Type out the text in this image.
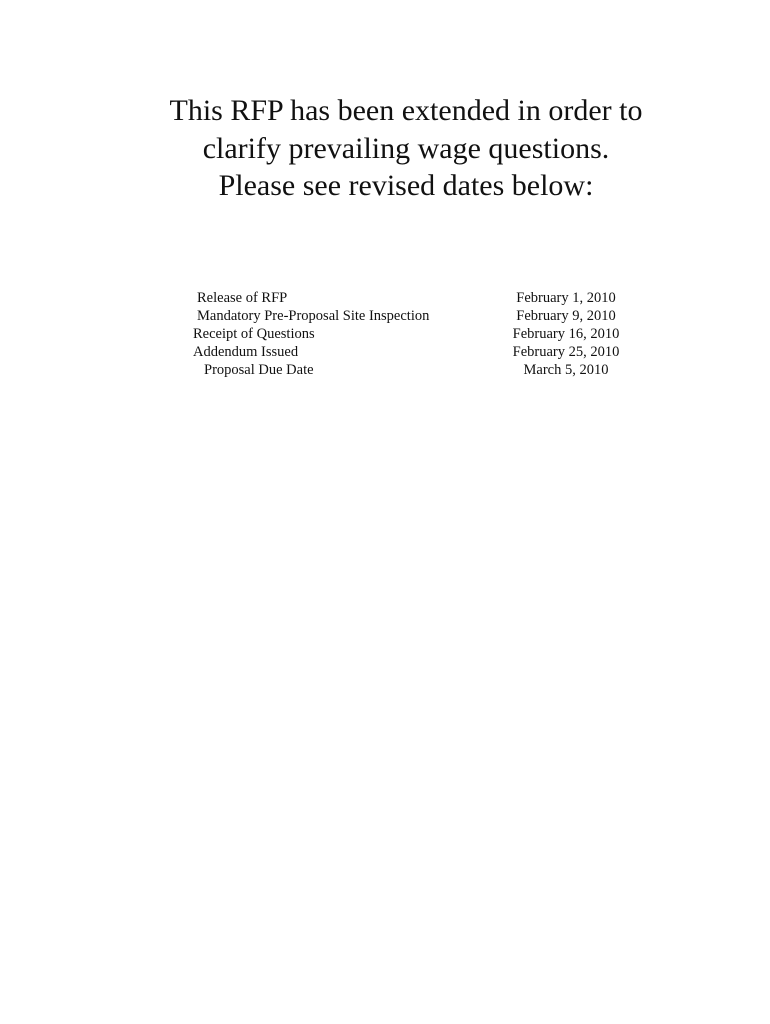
This RFP has been extended in order to
clarify prevailing wage questions.
Please see revised dates below:
Release of RFP	February 1, 2010
Mandatory Pre-Proposal Site Inspection	February 9, 2010
Receipt of Questions	February 16, 2010
Addendum Issued	February 25, 2010
Proposal Due Date	March 5, 2010
